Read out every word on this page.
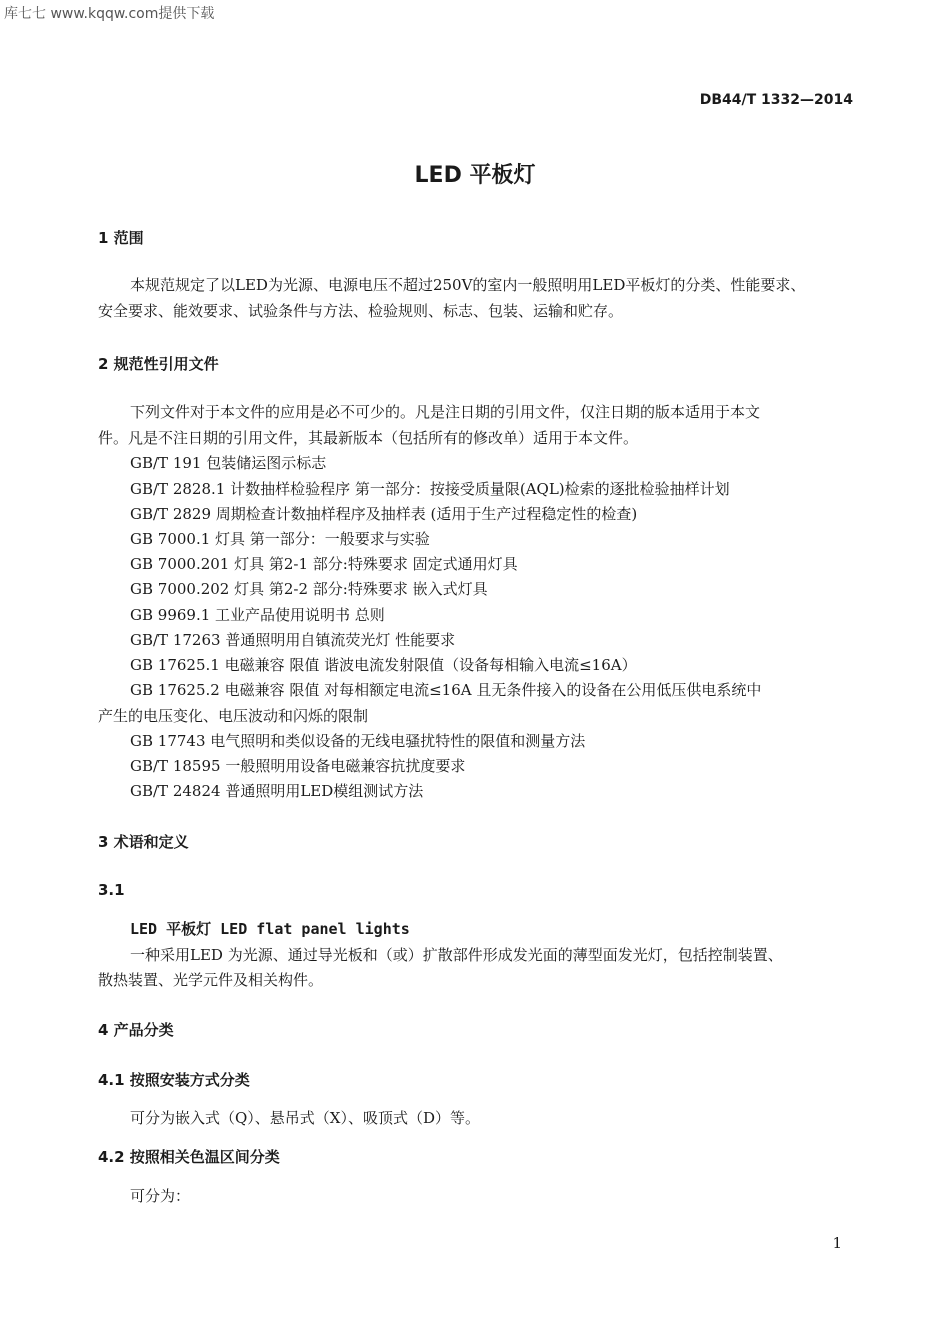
库七七 www.kqqw.com提供下载
DB44/T 1332—2014
LED 平板灯
1 范围
本规范规定了以LED为光源、电源电压不超过250V的室内一般照明用LED平板灯的分类、性能要求、
安全要求、能效要求、试验条件与方法、检验规则、标志、包装、运输和贮存。
2 规范性引用文件
下列文件对于本文件的应用是必不可少的。凡是注日期的引用文件，仅注日期的版本适用于本文
件。凡是不注日期的引用文件，其最新版本（包括所有的修改单）适用于本文件。
GB/T 191 包装储运图示标志
GB/T 2828.1 计数抽样检验程序 第一部分：按接受质量限(AQL)检索的逐批检验抽样计划
GB/T 2829 周期检查计数抽样程序及抽样表 (适用于生产过程稳定性的检查)
GB 7000.1 灯具 第一部分：一般要求与实验
GB 7000.201 灯具 第2-1 部分:特殊要求 固定式通用灯具
GB 7000.202 灯具 第2-2 部分:特殊要求 嵌入式灯具
GB 9969.1 工业产品使用说明书 总则
GB/T 17263 普通照明用自镇流荧光灯 性能要求
GB 17625.1 电磁兼容 限值 谐波电流发射限值（设备每相输入电流≤16A）
GB 17625.2 电磁兼容 限值 对每相额定电流≤16A 且无条件接入的设备在公用低压供电系统中
产生的电压变化、电压波动和闪烁的限制
GB 17743 电气照明和类似设备的无线电骚扰特性的限值和测量方法
GB/T 18595 一般照明用设备电磁兼容抗扰度要求
GB/T 24824 普通照明用LED模组测试方法
3 术语和定义
3.1
LED 平板灯 LED flat panel lights
一种采用LED 为光源、通过导光板和（或）扩散部件形成发光面的薄型面发光灯，包括控制装置、
散热装置、光学元件及相关构件。
4 产品分类
4.1 按照安装方式分类
可分为嵌入式（Q）、悬吊式（X）、吸顶式（D）等。
4.2 按照相关色温区间分类
可分为：
1
